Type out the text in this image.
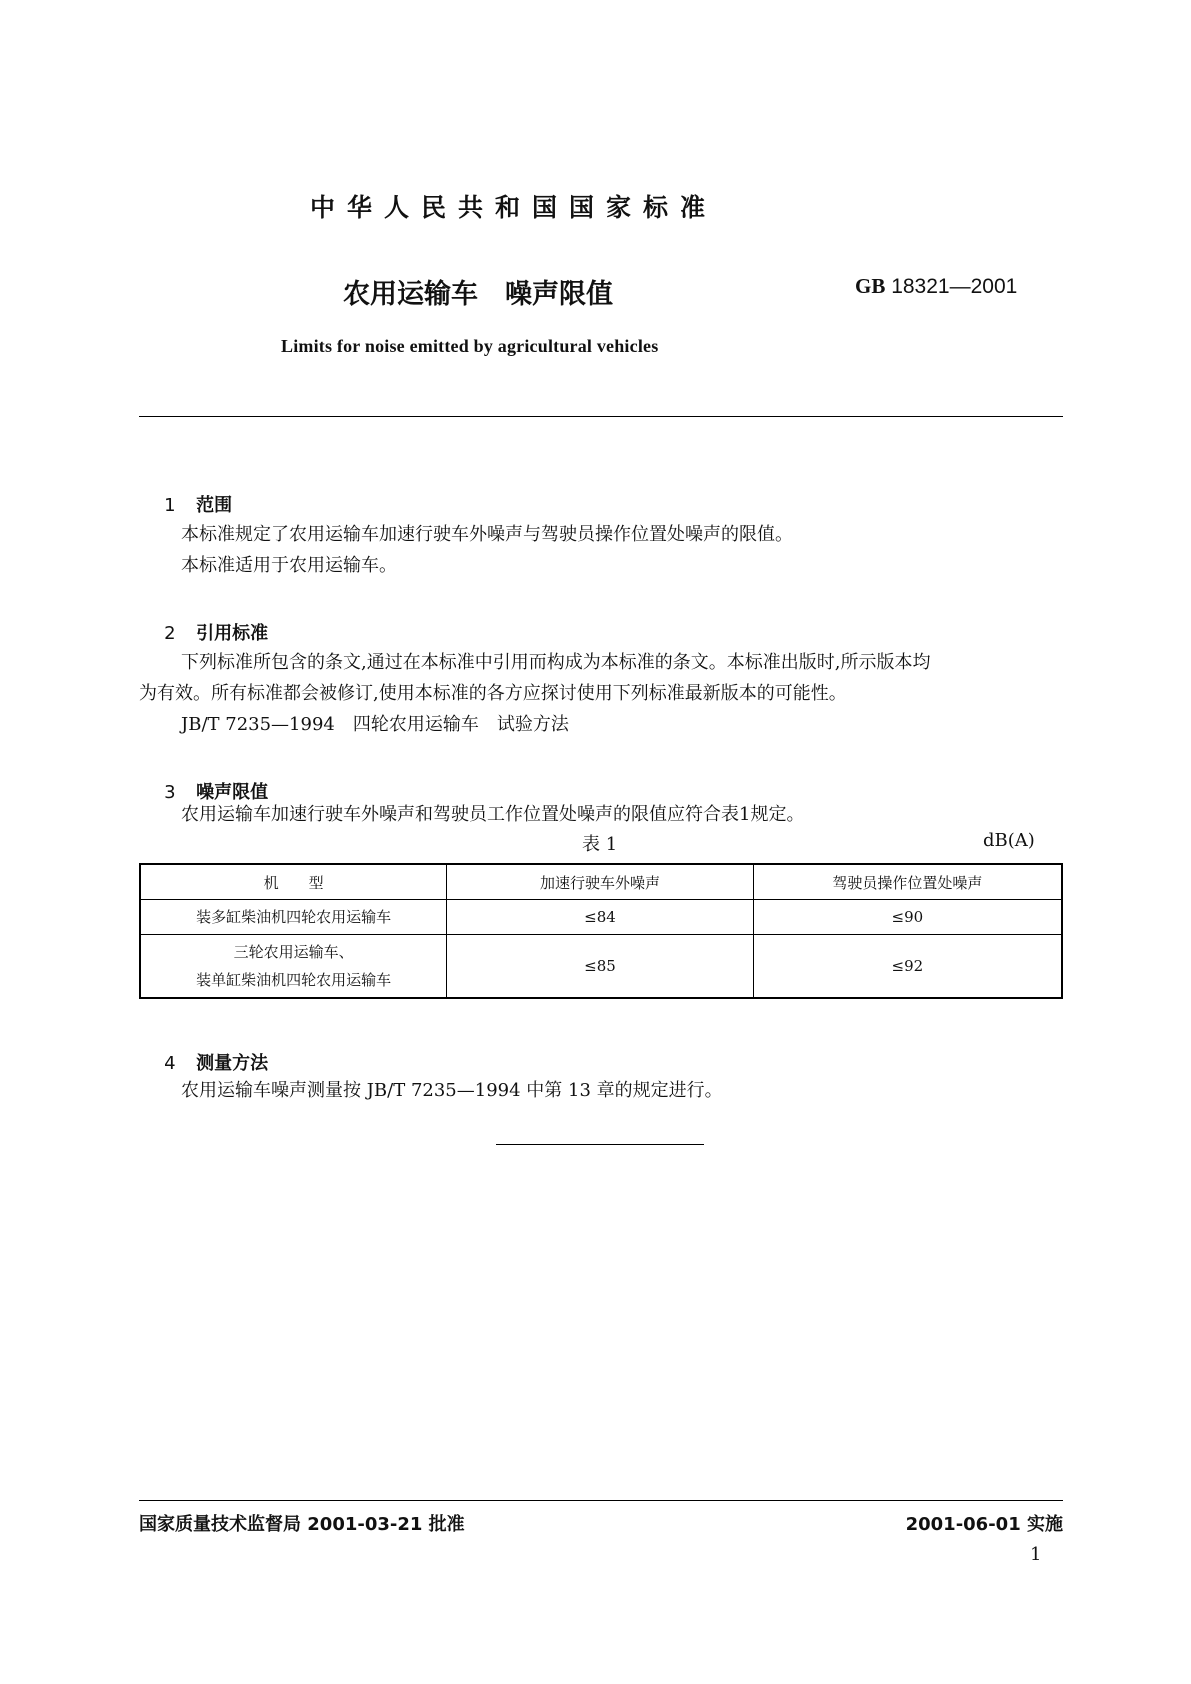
中华人民共和国国家标准
农用运输车　噪声限值	GB 18321—2001
Limits for noise emitted by agricultural vehicles

1 范围

本标准规定了农用运输车加速行驶车外噪声与驾驶员操作位置处噪声的限值。
本标准适用于农用运输车。

2 引用标准

下列标准所包含的条文,通过在本标准中引用而构成为本标准的条文。本标准出版时,所示版本均
为有效。所有标准都会被修订,使用本标准的各方应探讨使用下列标准最新版本的可能性。
JB/T 7235—1994　四轮农用运输车　试验方法

3 噪声限值

农用运输车加速行驶车外噪声和驾驶员工作位置处噪声的限值应符合表1规定。
表 1	dB(A)
机　　型	加速行驶车外噪声	驾驶员操作位置处噪声

装多缸柴油机四轮农用运输车	≤84	≤90

三轮农用运输车、
装单缸柴油机四轮农用运输车	≤85	≤92

4 测量方法

农用运输车噪声测量按 JB/T 7235—1994 中第 13 章的规定进行。
国家质量技术监督局 2001-03-21 批准	2001-06-01 实施
1
